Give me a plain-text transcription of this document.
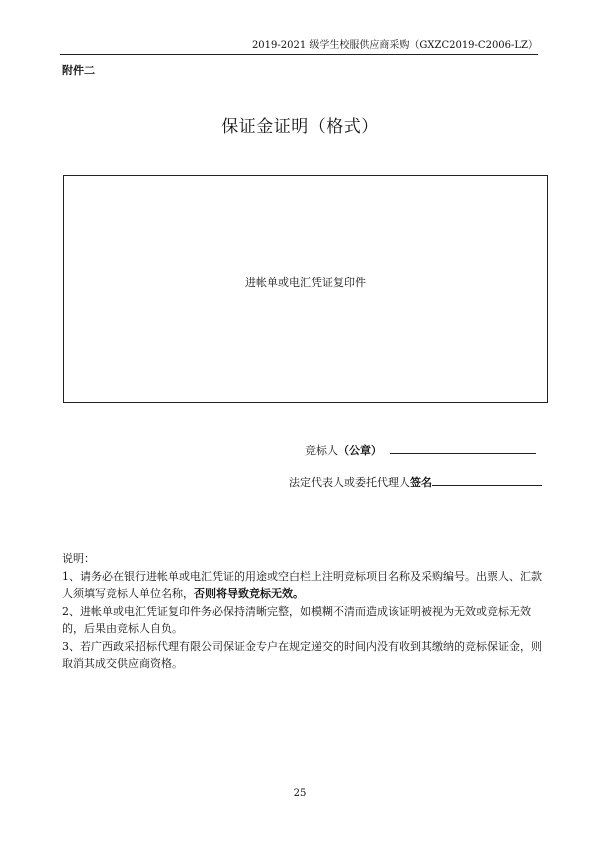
2019-2021 级学生校服供应商采购（GXZC2019-C2006-LZ）
附件二
保证金证明（格式）
进帐单或电汇凭证复印件
竞标人（公章）
法定代表人或委托代理人签名

说明：

1、请务必在银行进帐单或电汇凭证的用途或空白栏上注明竞标项目名称及采购编号。出票人、汇款人须填写竞标人单位名称，否则将导致竞标无效。

2、进帐单或电汇凭证复印件务必保持清晰完整，如模糊不清而造成该证明被视为无效或竞标无效的，后果由竞标人自负。

3、若广西政采招标代理有限公司保证金专户在规定递交的时间内没有收到其缴纳的竞标保证金，则取消其成交供应商资格。

25
